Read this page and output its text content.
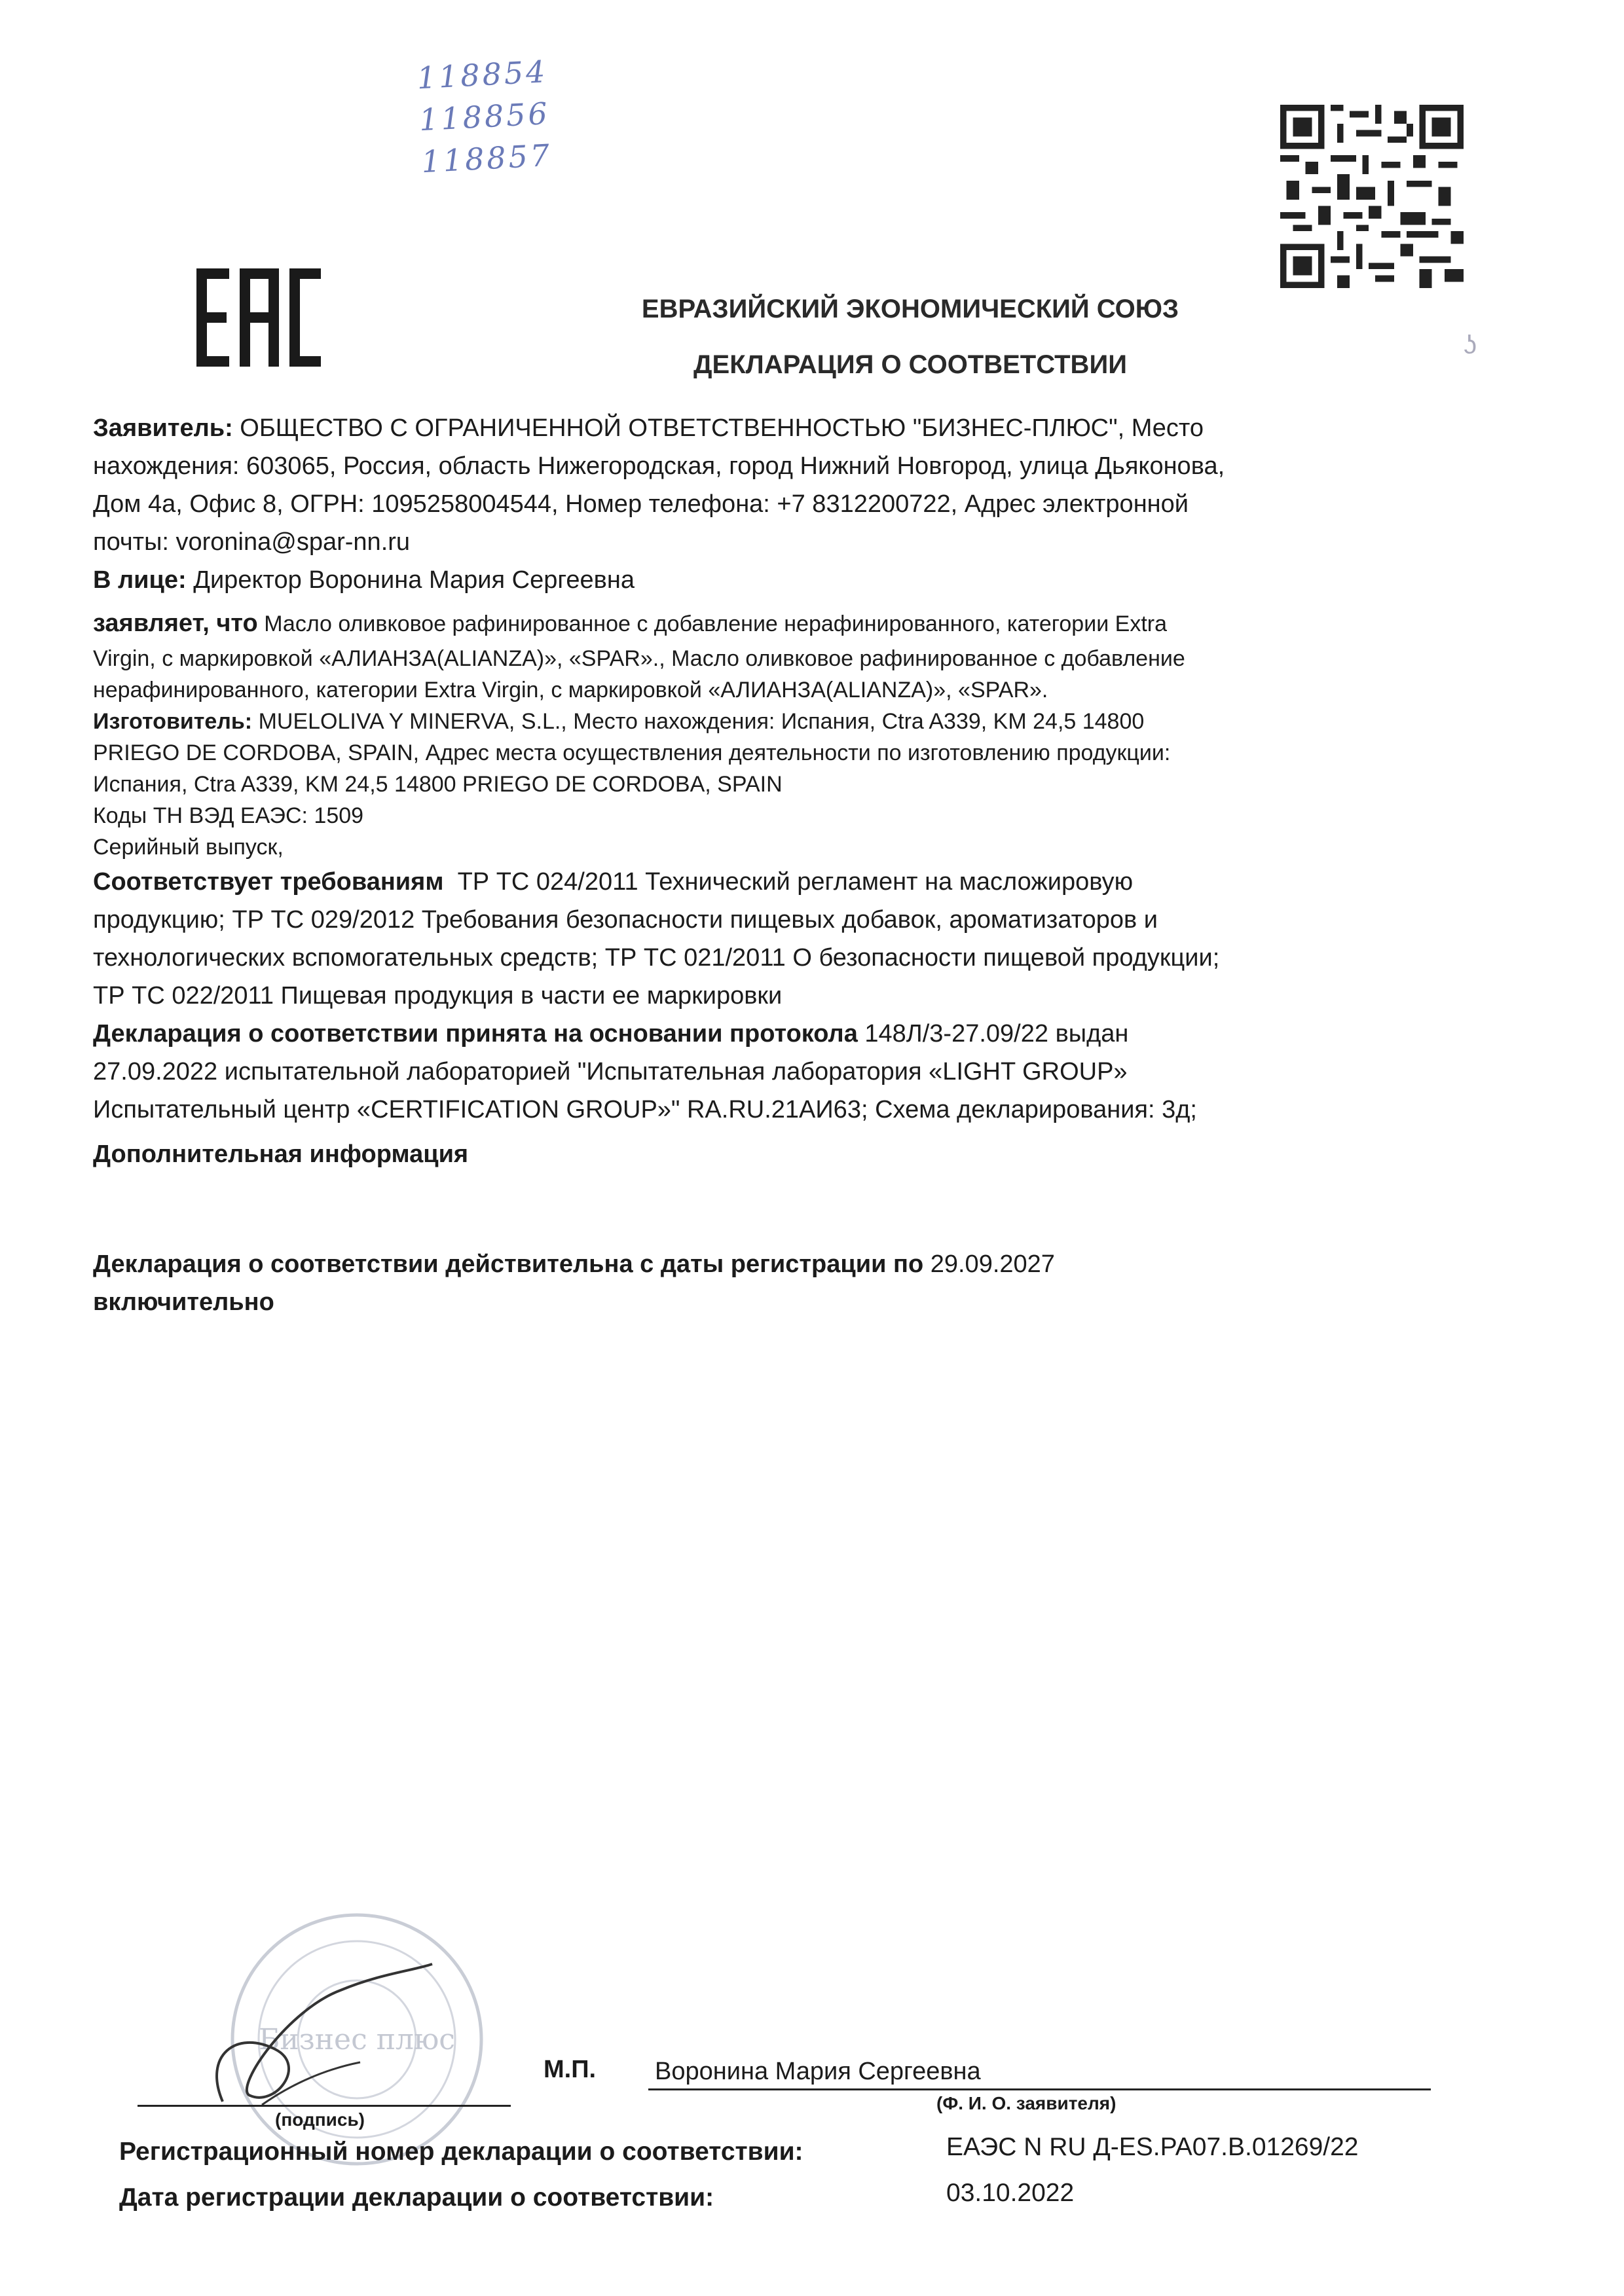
118854
118856
118857
ʖ
ЕВРАЗИЙСКИЙ ЭКОНОМИЧЕСКИЙ СОЮЗ
ДЕКЛАРАЦИЯ О СООТВЕТСТВИИ
Заявитель: ОБЩЕСТВО С ОГРАНИЧЕННОЙ ОТВЕТСТВЕННОСТЬЮ "БИЗНЕС-ПЛЮС", Место
нахождения: 603065, Россия, область Нижегородская, город Нижний Новгород, улица Дьяконова,
Дом 4а, Офис 8, ОГРН: 1095258004544, Номер телефона: +7 8312200722, Адрес электронной
почты: voronina@spar-nn.ru
В лице: Директор Воронина Мария Сергеевна
заявляет, что Масло оливковое рафинированное с добавление нерафинированного, категории Extra
Virgin, с маркировкой «АЛИАНЗА(ALIANZA)», «SPAR»., Масло оливковое рафинированное с добавление
нерафинированного, категории Extra Virgin, с маркировкой «АЛИАНЗА(ALIANZA)», «SPAR».
Изготовитель: MUELOLIVA Y MINERVA, S.L., Место нахождения: Испания, Ctra A339, KM 24,5 14800
PRIEGO DE CORDOBA, SPAIN, Адрес места осуществления деятельности по изготовлению продукции:
Испания, Ctra A339, KM 24,5 14800 PRIEGO DE CORDOBA, SPAIN
Коды ТН ВЭД ЕАЭС: 1509
Серийный выпуск,
Соответствует требованиям ТР ТС 024/2011 Технический регламент на масложировую
продукцию; ТР ТС 029/2012 Требования безопасности пищевых добавок, ароматизаторов и
технологических вспомогательных средств; ТР ТС 021/2011 О безопасности пищевой продукции;
ТР ТС 022/2011 Пищевая продукция в части ее маркировки
Декларация о соответствии принята на основании протокола 148Л/3-27.09/22 выдан
27.09.2022 испытательной лабораторией "Испытательная лаборатория «LIGHT GROUP»
Испытательный центр «CERTIFICATION GROUP»" RA.RU.21АИ63; Схема декларирования: 3д;
Дополнительная информация
Декларация о соответствии действительна с даты регистрации по 29.09.2027
включительно
Бизнес плюс
М.П.
(подпись)
Воронина Мария Сергеевна
(Ф. И. О. заявителя)
Регистрационный номер декларации о соответствии:	ЕАЭС N RU Д-ES.PA07.B.01269/22
Дата регистрации декларации о соответствии:	03.10.2022
